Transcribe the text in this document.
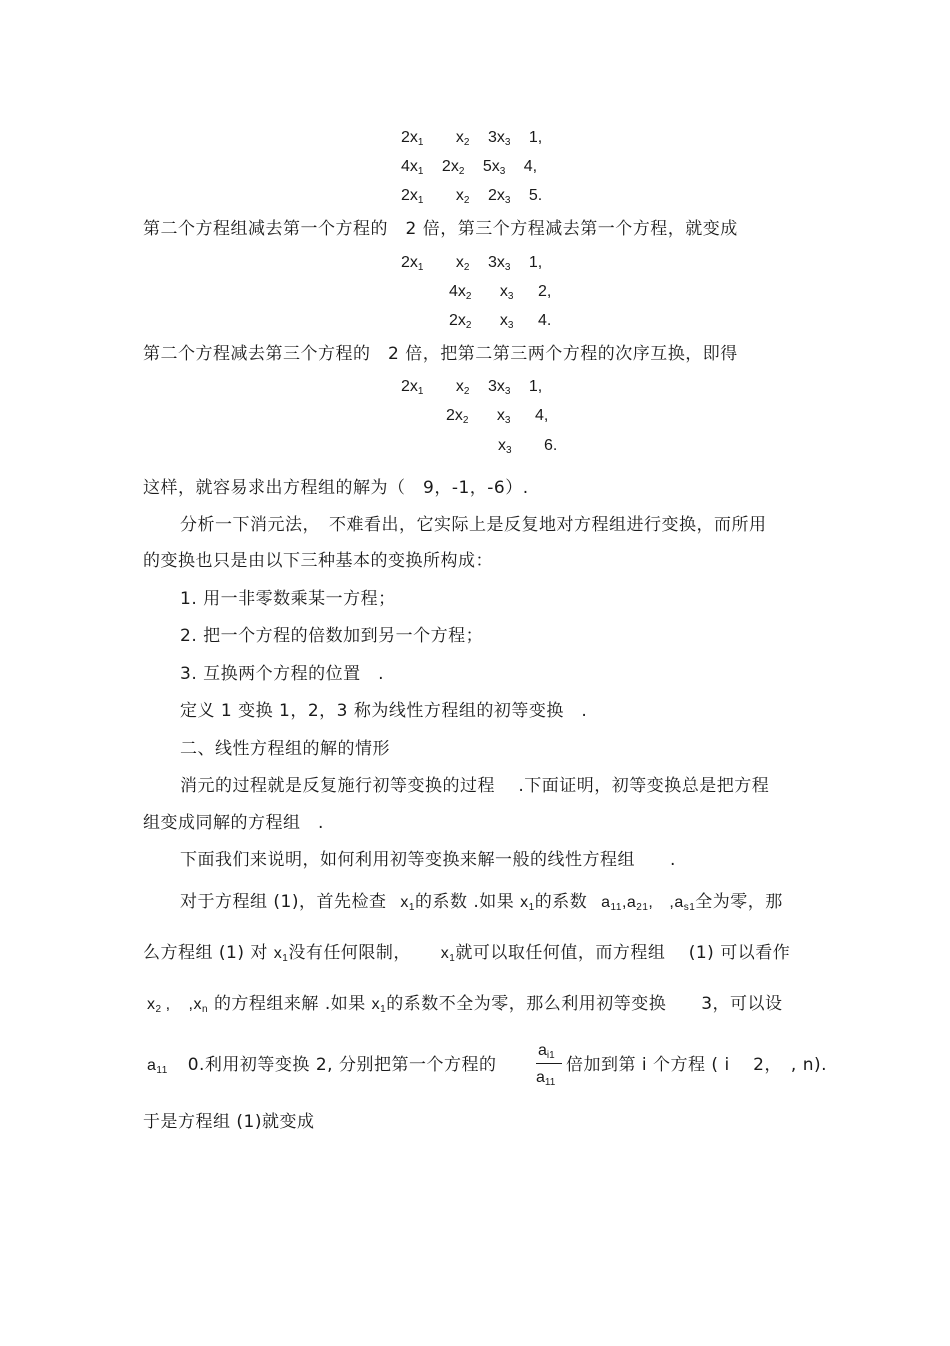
$2x_1$ $x_2$ $3x_3$ 1,
$4x_1$ $2x_2$ $5x_3$ 4,
$2x_1$ $x_2$ $2x_3$ 5.
第二个方程组减去第一个方程的　2 倍，第三个方程减去第一个方程，就变成
$2x_1$ $x_2$ $3x_3$ 1,
$4x_2$ $x_3$ 2,
$2x_2$ $x_3$ 4.
第二个方程减去第三个方程的　2 倍，把第二第三两个方程的次序互换，即得
$2x_1$ $x_2$ $3x_3$ 1,
$2x_2$ $x_3$ 4,
$x_3$ 6.
这样，就容易求出方程组的解为（　9，-1，-6）.
分析一下消元法，　不难看出，它实际上是反复地对方程组进行变换，而所用
的变换也只是由以下三种基本的变换所构成：
1. 用一非零数乘某一方程；
2. 把一个方程的倍数加到另一个方程；
3. 互换两个方程的位置　.
定义 1 变换 1，2，3 称为线性方程组的初等变换　.
二、线性方程组的解的情形
消元的过程就是反复施行初等变换的过程　 .下面证明，初等变换总是把方程
组变成同解的方程组　.
下面我们来说明，如何利用初等变换来解一般的线性方程组　　.
对于方程组 (1)，首先检查 $x_1$的系数 .如果 $x_1$的系数 $a_{11},a_{21}$, $,a_{s1}$全为零，那
么方程组 (1) 对 $x_1$没有任何限制， $x_1$就可以取任何值，而方程组　 (1) 可以看作
$x_2$ , $,x_n$ 的方程组来解 .如果 $x_1$的系数不全为零，那么利用初等变换　　3，可以设
$a_{11}$ 0.利用初等变换 2, 分别把第一个方程的
$a_{i1}$
$a_{11}$
倍加到第 i 个方程 ( i　 2，　, n).
于是方程组 (1)就变成
